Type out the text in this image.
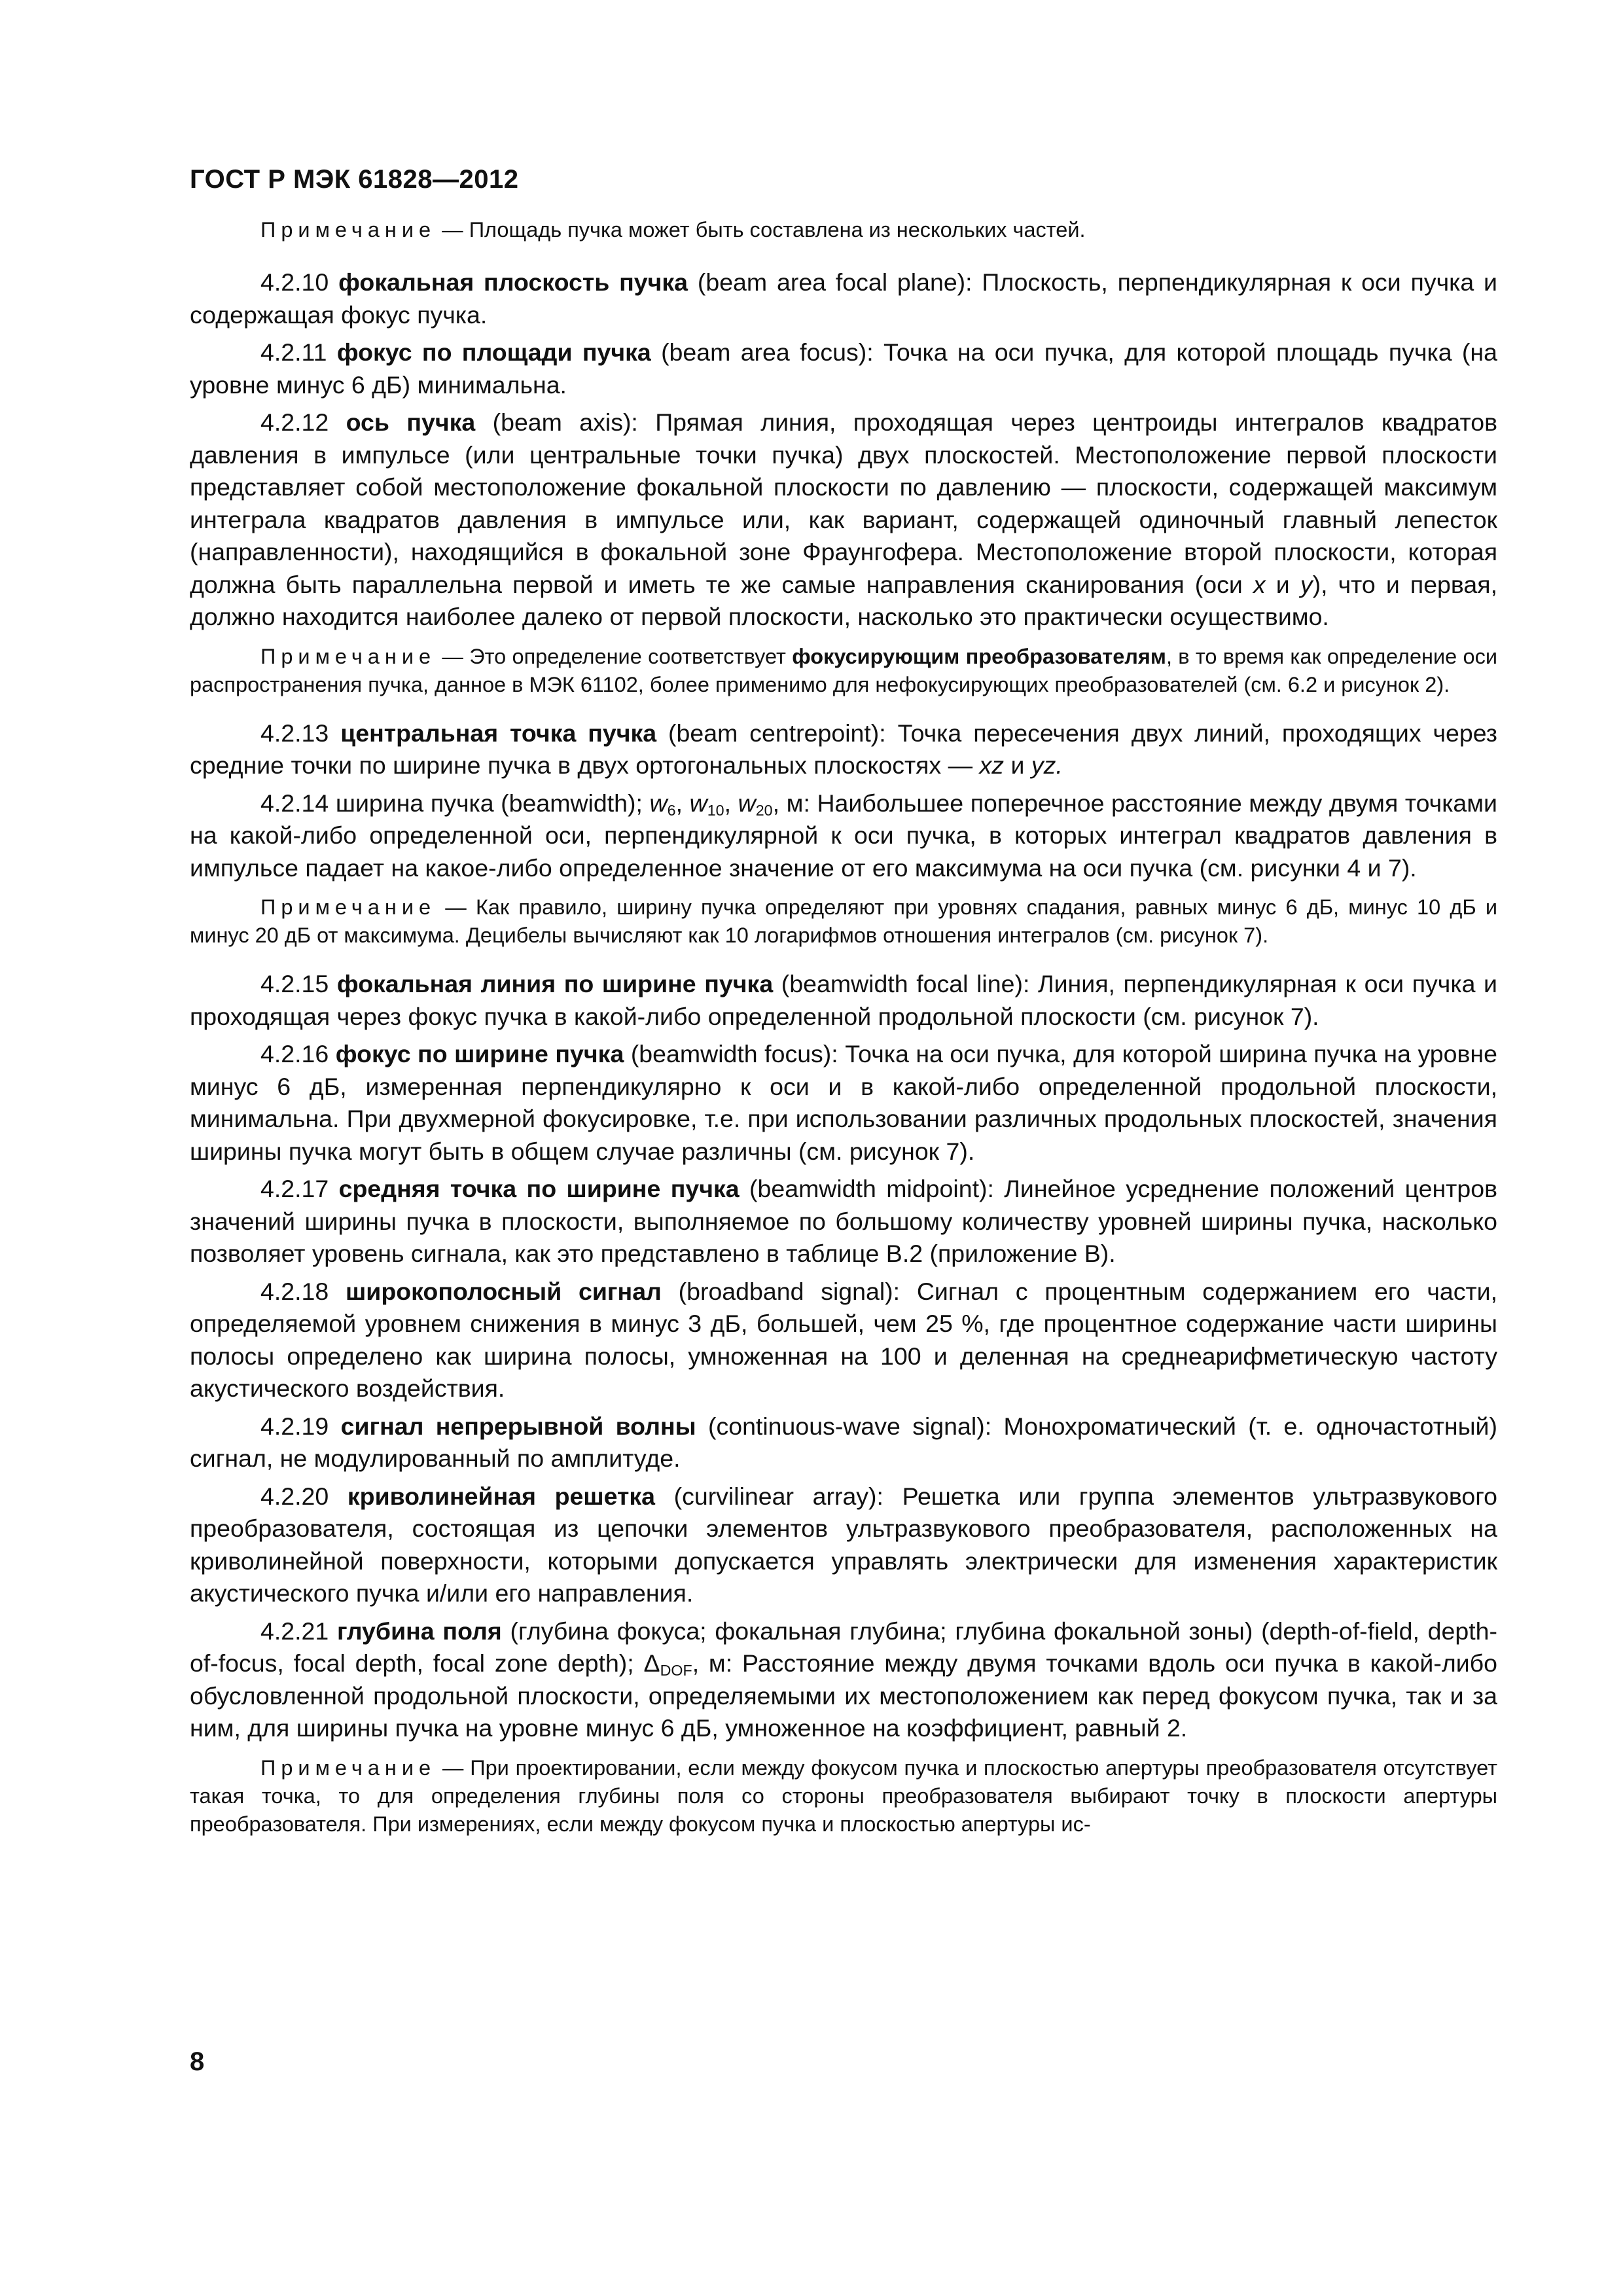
ГОСТ Р МЭК 61828—2012

Примечание — Площадь пучка может быть составлена из нескольких частей.

4.2.10 фокальная плоскость пучка (beam area focal plane): Плоскость, перпендикулярная к оси пучка и содержащая фокус пучка.

4.2.11 фокус по площади пучка (beam area focus): Точка на оси пучка, для которой площадь пучка (на уровне минус 6 дБ) минимальна.

4.2.12 ось пучка (beam axis): Прямая линия, проходящая через центроиды интегралов квадратов давления в импульсе (или центральные точки пучка) двух плоскостей. Местоположение первой плоскости представляет собой местоположение фокальной плоскости по давлению — плоскости, содержащей максимум интеграла квадратов давления в импульсе или, как вариант, содержащей одиночный главный лепесток (направленности), находящийся в фокальной зоне Фраунгофера. Местоположение второй плоскости, которая должна быть параллельна первой и иметь те же самые направления сканирования (оси x и y), что и первая, должно находится наиболее далеко от первой плоскости, насколько это практически осуществимо.

Примечание — Это определение соответствует фокусирующим преобразователям, в то время как определение оси распространения пучка, данное в МЭК 61102, более применимо для нефокусирующих преобразователей (см. 6.2 и рисунок 2).

4.2.13 центральная точка пучка (beam centrepoint): Точка пересечения двух линий, проходящих через средние точки по ширине пучка в двух ортогональных плоскостях — xz и yz.

4.2.14 ширина пучка (beamwidth); $w_6$, $w_{10}$, $w_{20}$, м: Наибольшее поперечное расстояние между двумя точками на какой-либо определенной оси, перпендикулярной к оси пучка, в которых интеграл квадратов давления в импульсе падает на какое-либо определенное значение от его максимума на оси пучка (см. рисунки 4 и 7).

Примечание — Как правило, ширину пучка определяют при уровнях спадания, равных минус 6 дБ, минус 10 дБ и минус 20 дБ от максимума. Децибелы вычисляют как 10 логарифмов отношения интегралов (см. рисунок 7).

4.2.15 фокальная линия по ширине пучка (beamwidth focal line): Линия, перпендикулярная к оси пучка и проходящая через фокус пучка в какой-либо определенной продольной плоскости (см. рисунок 7).

4.2.16 фокус по ширине пучка (beamwidth focus): Точка на оси пучка, для которой ширина пучка на уровне минус 6 дБ, измеренная перпендикулярно к оси и в какой-либо определенной продольной плоскости, минимальна. При двухмерной фокусировке, т.е. при использовании различных продольных плоскостей, значения ширины пучка могут быть в общем случае различны (см. рисунок 7).

4.2.17 средняя точка по ширине пучка (beamwidth midpoint): Линейное усреднение положений центров значений ширины пучка в плоскости, выполняемое по большому количеству уровней ширины пучка, насколько позволяет уровень сигнала, как это представлено в таблице В.2 (приложение В).

4.2.18 широкополосный сигнал (broadband signal): Сигнал с процентным содержанием его части, определяемой уровнем снижения в минус 3 дБ, большей, чем 25 %, где процентное содержание части ширины полосы определено как ширина полосы, умноженная на 100 и деленная на среднеарифметическую частоту акустического воздействия.

4.2.19 сигнал непрерывной волны (continuous-wave signal): Монохроматический (т. е. одночастотный) сигнал, не модулированный по амплитуде.

4.2.20 криволинейная решетка (curvilinear array): Решетка или группа элементов ультразвукового преобразователя, состоящая из цепочки элементов ультразвукового преобразователя, расположенных на криволинейной поверхности, которыми допускается управлять электрически для изменения характеристик акустического пучка и/или его направления.

4.2.21 глубина поля (глубина фокуса; фокальная глубина; глубина фокальной зоны) (depth-of-field, depth-of-focus, focal depth, focal zone depth); $\Delta_{DOF}$, м: Расстояние между двумя точками вдоль оси пучка в какой-либо обусловленной продольной плоскости, определяемыми их местоположением как перед фокусом пучка, так и за ним, для ширины пучка на уровне минус 6 дБ, умноженное на коэффициент, равный 2.

Примечание — При проектировании, если между фокусом пучка и плоскостью апертуры преобразователя отсутствует такая точка, то для определения глубины поля со стороны преобразователя выбирают точку в плоскости апертуры преобразователя. При измерениях, если между фокусом пучка и плоскостью апертуры ис-

8
